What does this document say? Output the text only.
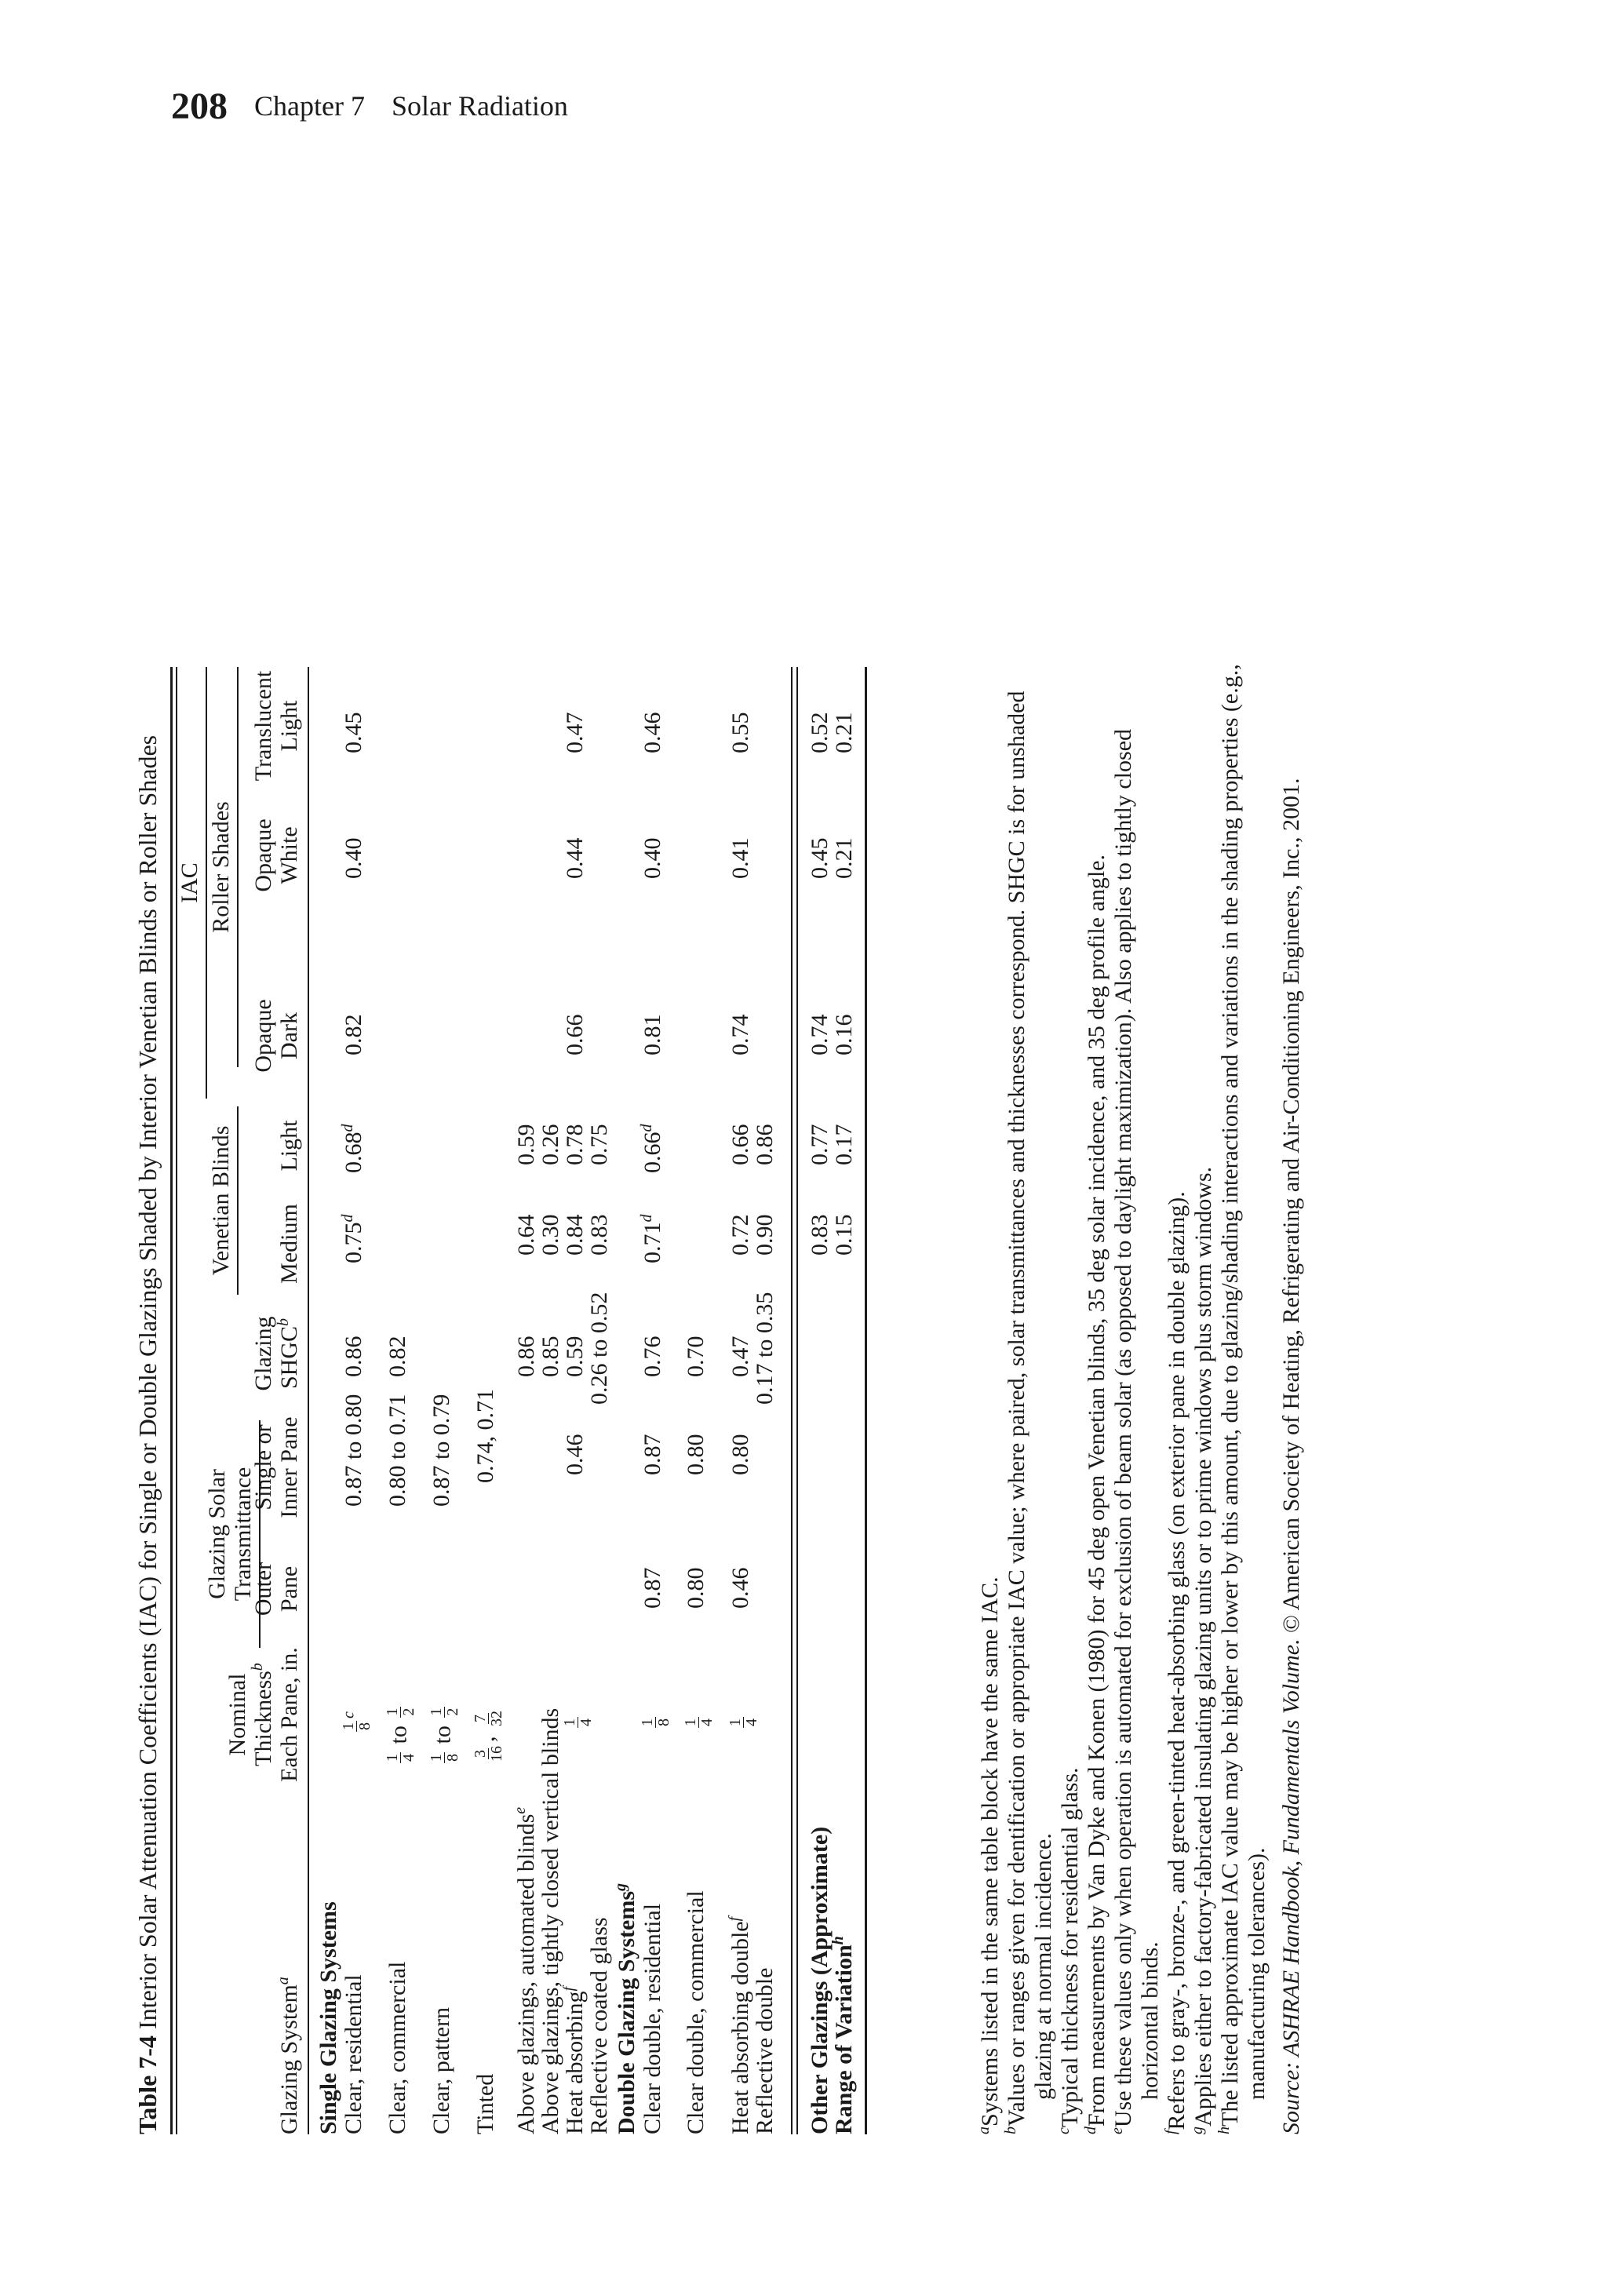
208 Chapter 7 Solar Radiation
Table 7-4 Interior Solar Attenuation Coefficients (IAC) for Single or Double Glazings Shaded by Interior Venetian Blinds or Roller Shades IAC
Glazing Solar Transmittance
Venetian Blinds
Roller Shades
Glazing System$^a$
Nominal Thickness$^b$ Each Pane, in.
Outer Pane
Single or Inner Pane
Glazing SHGC$^b$
Medium
Light
Opaque Dark
Opaque White
Translucent Light
Single Glazing Systems Clear, residential
1 8
$^c$
0.87 to 0.80
0.86
0.75$^d$
0.68$^d$
0.82
0.40
0.45
Clear, commercial
1 4
to
1 2
0.80 to 0.71
0.82
Clear, pattern
1 8
to
1 2
0.87 to 0.79
Tinted
3 16
,
7 32
0.74, 0.71
Above glazings, automated blinds$^e$
0.86
0.64
0.59
Above glazings, tightly closed vertical blinds
0.85
0.30
0.26
Heat absorbing$^f$
1 4
0.46
0.59
0.84
0.78
0.66
0.44
0.47
Reflective coated glass
0.26 to 0.52
0.83
0.75
Double Glazing Systems$^g$
Clear double, residential
1 8
0.87
0.87
0.76
0.71$^d$
0.66$^d$
0.81
0.40
0.46
Clear double, commercial
1 4
0.80
0.80
0.70
Heat absorbing double$^f$
1 4
0.46
0.80
0.47
0.72
0.66
0.74
0.41
0.55
Reflective double
0.17 to 0.35
0.90
0.86
Other Glazings (Approximate)
0.83
0.77
0.74
0.45
0.52
Range of Variation$^h$
0.15
0.17
0.16
0.21
0.21

$^a$Systems listed in the same table block have the same IAC.

$^b$Values or ranges given for dentification or appropriate IAC value; where paired, solar transmittances and thicknesses correspond. SHGC is for unshaded glazing at normal incidence.

$^c$Typical thickness for residential glass.

$^d$From measurements by Van Dyke and Konen (1980) for 45 deg open Venetian blinds, 35 deg solar incidence, and 35 deg profile angle.

$^e$Use these values only when operation is automated for exclusion of beam solar (as opposed to daylight maximization). Also applies to tightly closed horizontal binds.

$^f$Refers to gray-, bronze-, and green-tinted heat-absorbing glass (on exterior pane in double glazing).

$^g$Applies either to factory-fabricated insulating glazing units or to prime windows plus storm windows.

$^h$The listed approximate IAC value may be higher or lower by this amount, due to glazing/shading interactions and variations in the shading properties (e.g., manufacturing tolerances). Source: ASHRAE Handbook, Fundamentals Volume. © American Society of Heating, Refrigerating and Air-Conditioning Engineers, Inc., 2001.
